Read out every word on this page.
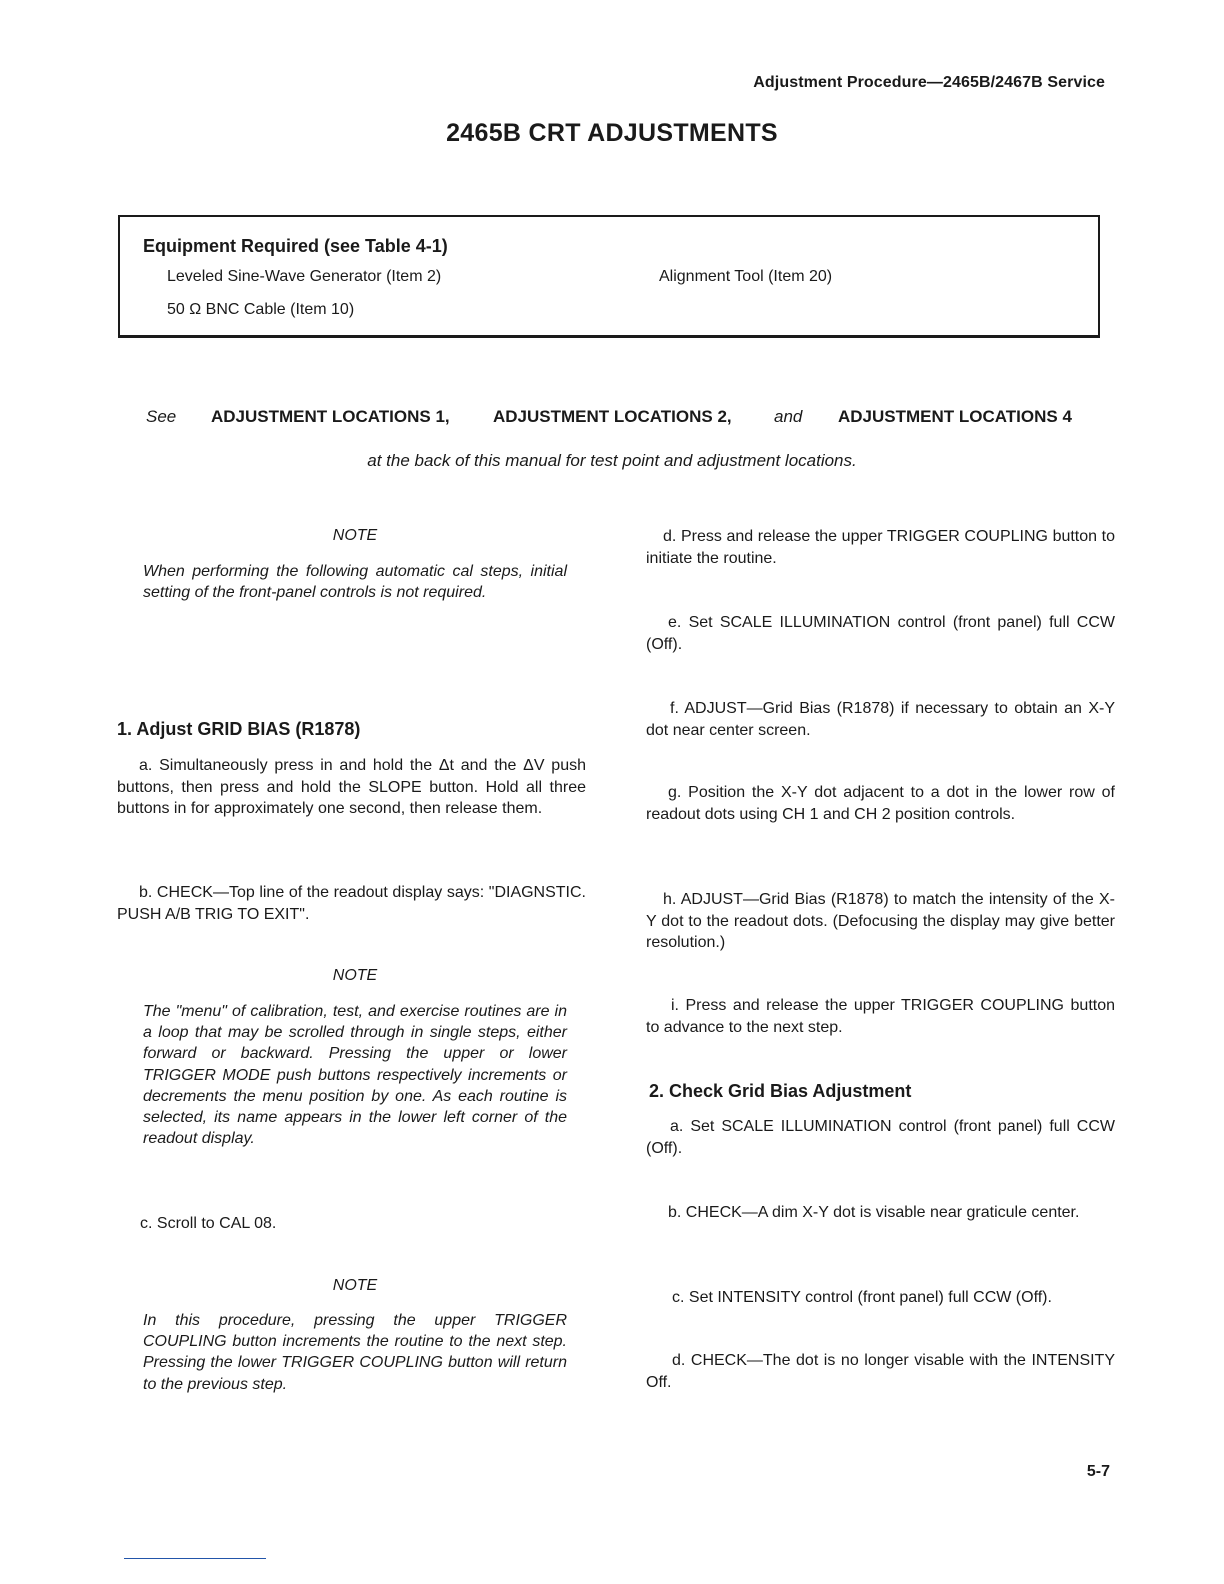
Adjustment Procedure—2465B/2467B Service
2465B CRT ADJUSTMENTS
Equipment Required (see Table 4-1)
Leveled Sine-Wave Generator (Item 2)	Alignment Tool (Item 20)
50 Ω BNC Cable (Item 10)
See ADJUSTMENT LOCATIONS 1,	ADJUSTMENT LOCATIONS 2, and ADJUSTMENT LOCATIONS 4
at the back of this manual for test point and adjustment locations.

NOTE

When performing the following automatic cal steps, initial setting of the front-panel controls is not required.

1. Adjust GRID BIAS (R1878)

a. Simultaneously press in and hold the Δt and the ΔV push buttons, then press and hold the SLOPE button. Hold all three buttons in for approximately one second, then release them.

b. CHECK—Top line of the readout display says: "DIAGNSTIC. PUSH A/B TRIG TO EXIT".

NOTE

The "menu" of calibration, test, and exercise routines are in a loop that may be scrolled through in single steps, either forward or backward. Pressing the upper or lower TRIGGER MODE push buttons respectively increments or decrements the menu position by one. As each routine is selected, its name appears in the lower left corner of the readout display.

c. Scroll to CAL 08.

NOTE

In this procedure, pressing the upper TRIGGER COUPLING button increments the routine to the next step. Pressing the lower TRIGGER COUPLING button will return to the previous step.

d. Press and release the upper TRIGGER COUPLING button to initiate the routine.

e. Set SCALE ILLUMINATION control (front panel) full CCW (Off).

f. ADJUST—Grid Bias (R1878) if necessary to obtain an X-Y dot near center screen.

g. Position the X-Y dot adjacent to a dot in the lower row of readout dots using CH 1 and CH 2 position controls.

h. ADJUST—Grid Bias (R1878) to match the intensity of the X-Y dot to the readout dots. (Defocusing the display may give better resolution.)

i. Press and release the upper TRIGGER COUPLING button to advance to the next step.

2. Check Grid Bias Adjustment

a. Set SCALE ILLUMINATION control (front panel) full CCW (Off).

b. CHECK—A dim X-Y dot is visable near graticule center.

c. Set INTENSITY control (front panel) full CCW (Off).

d. CHECK—The dot is no longer visable with the INTENSITY Off.

5-7
